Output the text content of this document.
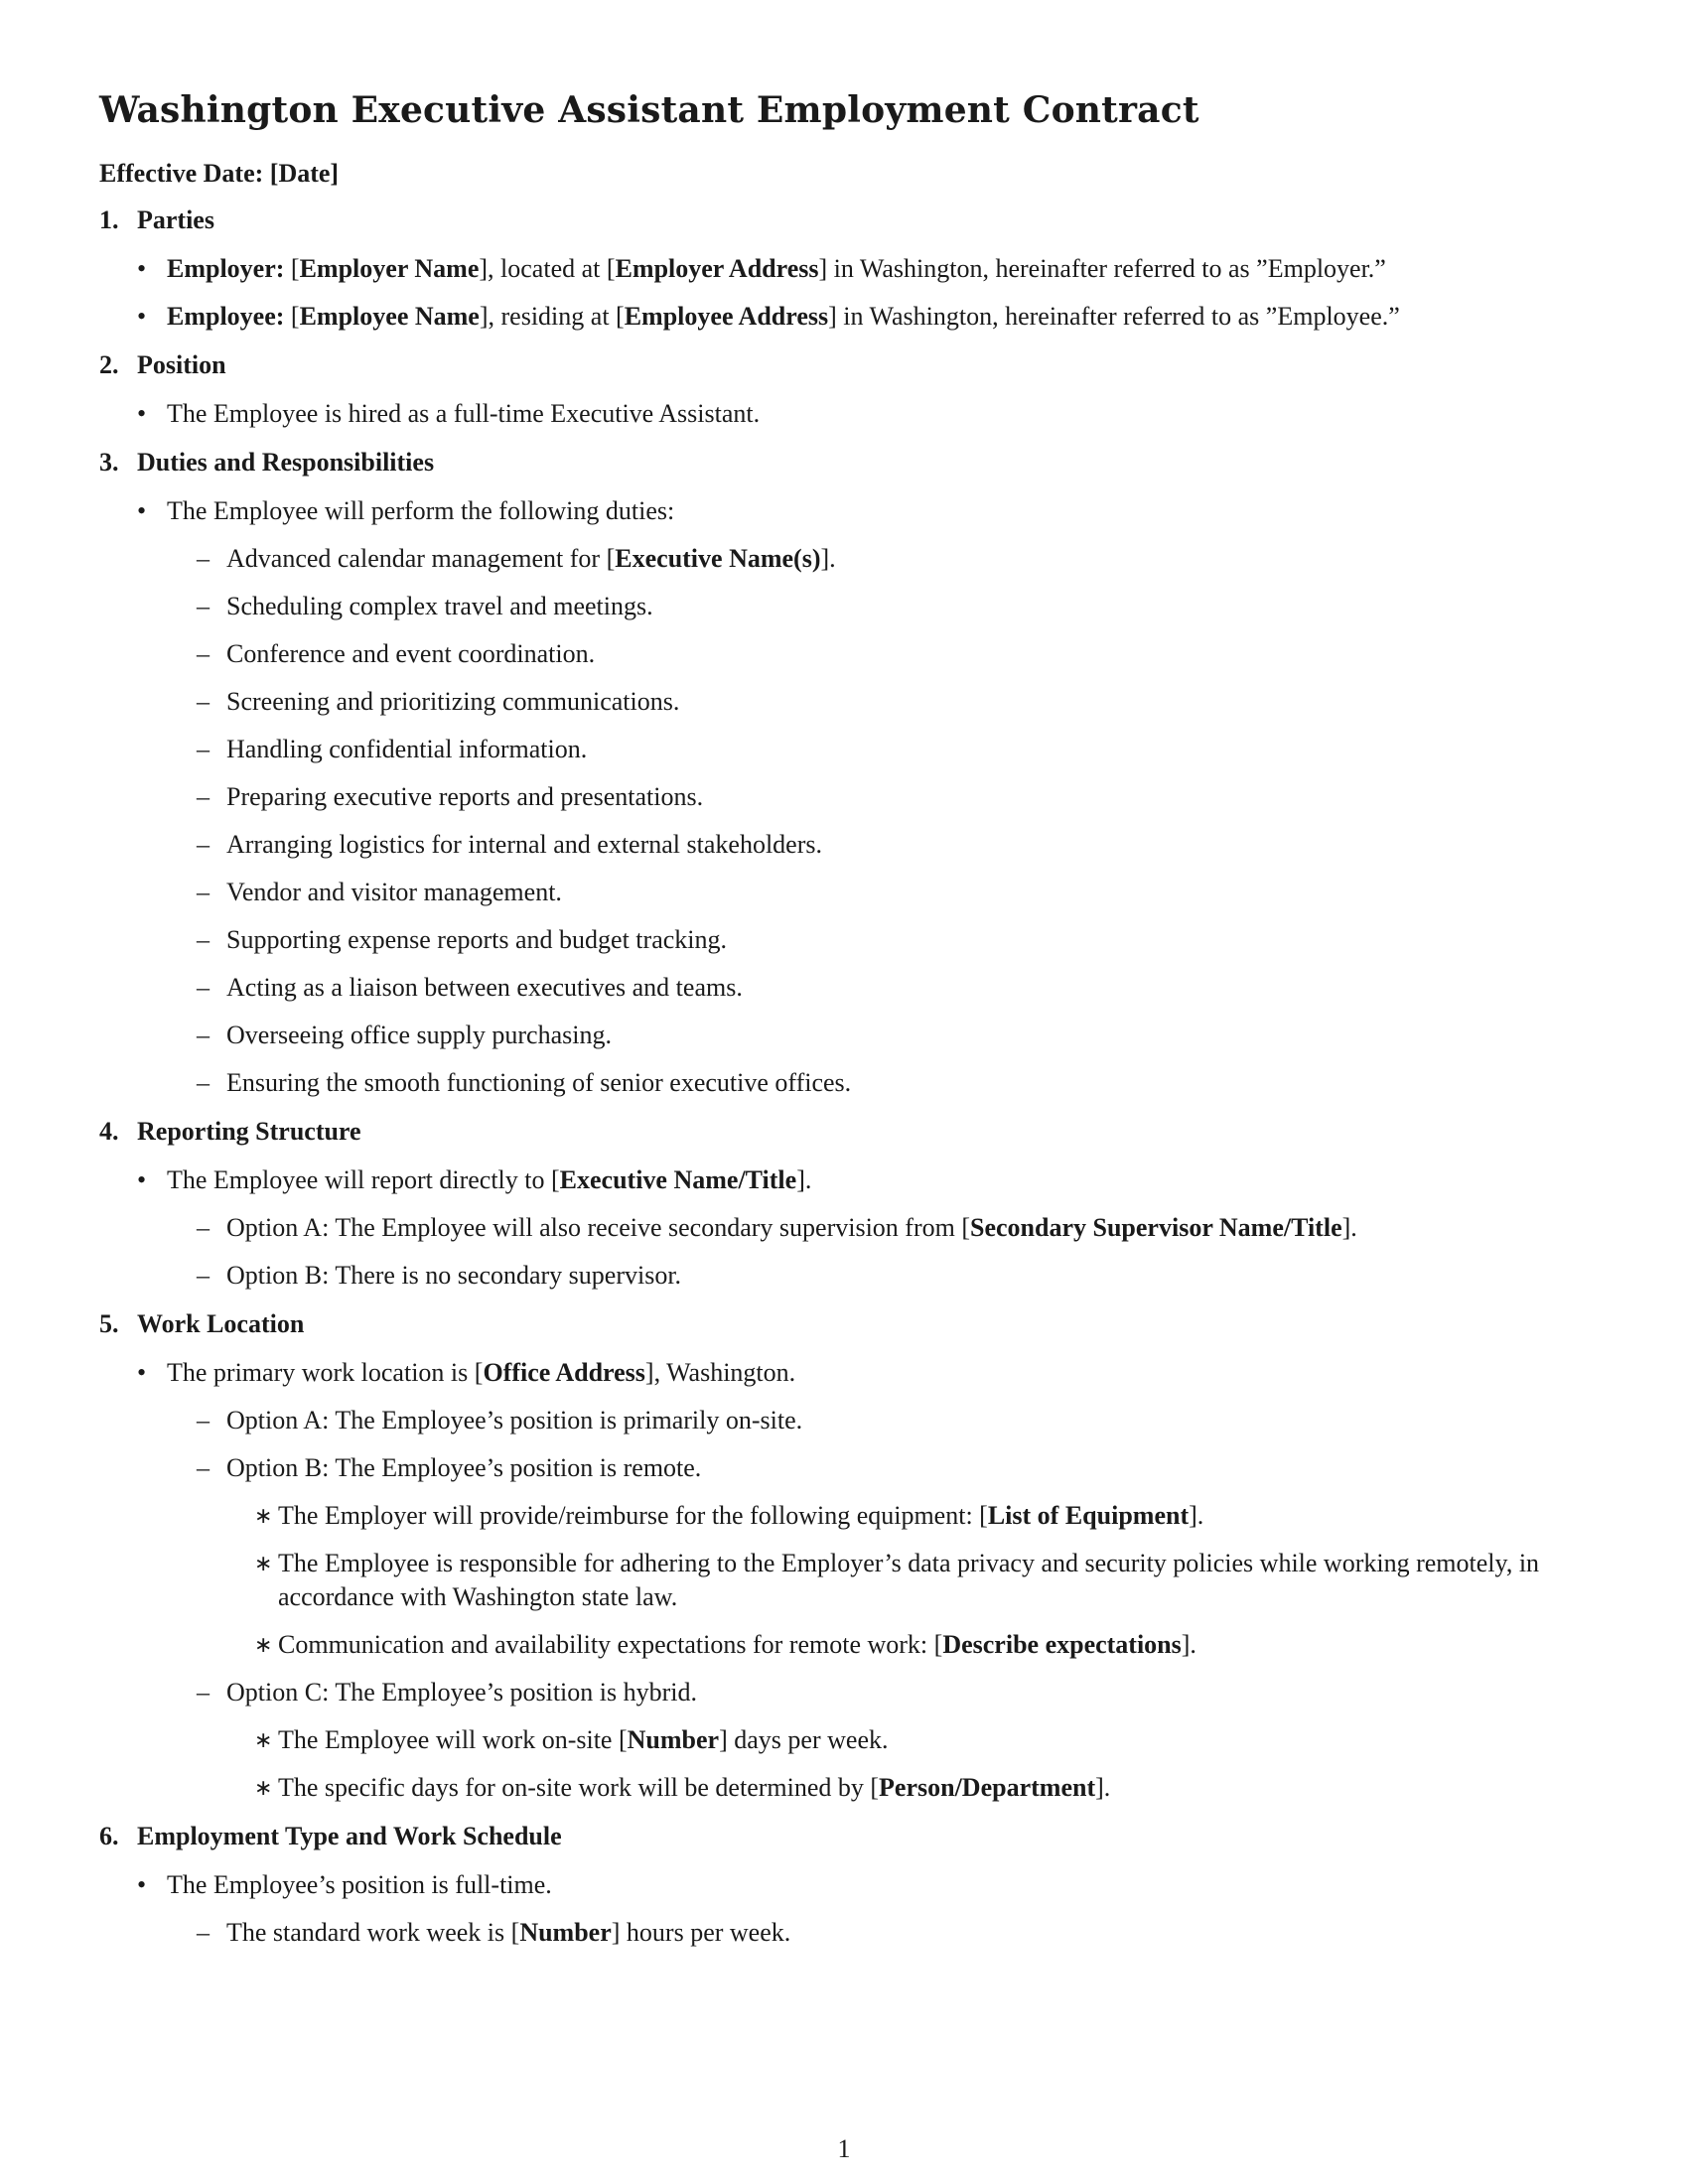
Washington Executive Assistant Employment Contract
Effective Date: [Date]
1. Parties
• Employer: [Employer Name], located at [Employer Address] in Washington, hereinafter referred to as ”Employer.”
• Employee: [Employee Name], residing at [Employee Address] in Washington, hereinafter referred to as ”Employee.”
2. Position
• The Employee is hired as a full-time Executive Assistant.
3. Duties and Responsibilities
• The Employee will perform the following duties:
– Advanced calendar management for [Executive Name(s)].
– Scheduling complex travel and meetings.
– Conference and event coordination.
– Screening and prioritizing communications.
– Handling confidential information.
– Preparing executive reports and presentations.
– Arranging logistics for internal and external stakeholders.
– Vendor and visitor management.
– Supporting expense reports and budget tracking.
– Acting as a liaison between executives and teams.
– Overseeing office supply purchasing.
– Ensuring the smooth functioning of senior executive offices.
4. Reporting Structure
• The Employee will report directly to [Executive Name/Title].
– Option A: The Employee will also receive secondary supervision from [Secondary Supervisor Name/Title].
– Option B: There is no secondary supervisor.
5. Work Location
• The primary work location is [Office Address], Washington.
– Option A: The Employee’s position is primarily on-site.
– Option B: The Employee’s position is remote.
∗ The Employer will provide/reimburse for the following equipment: [List of Equipment].
∗ The Employee is responsible for adhering to the Employer’s data privacy and security policies while working remotely, in accordance with Washington state law.
∗ Communication and availability expectations for remote work: [Describe expectations].
– Option C: The Employee’s position is hybrid.
∗ The Employee will work on-site [Number] days per week.
∗ The specific days for on-site work will be determined by [Person/Department].
6. Employment Type and Work Schedule
• The Employee’s position is full-time.
– The standard work week is [Number] hours per week.
1
